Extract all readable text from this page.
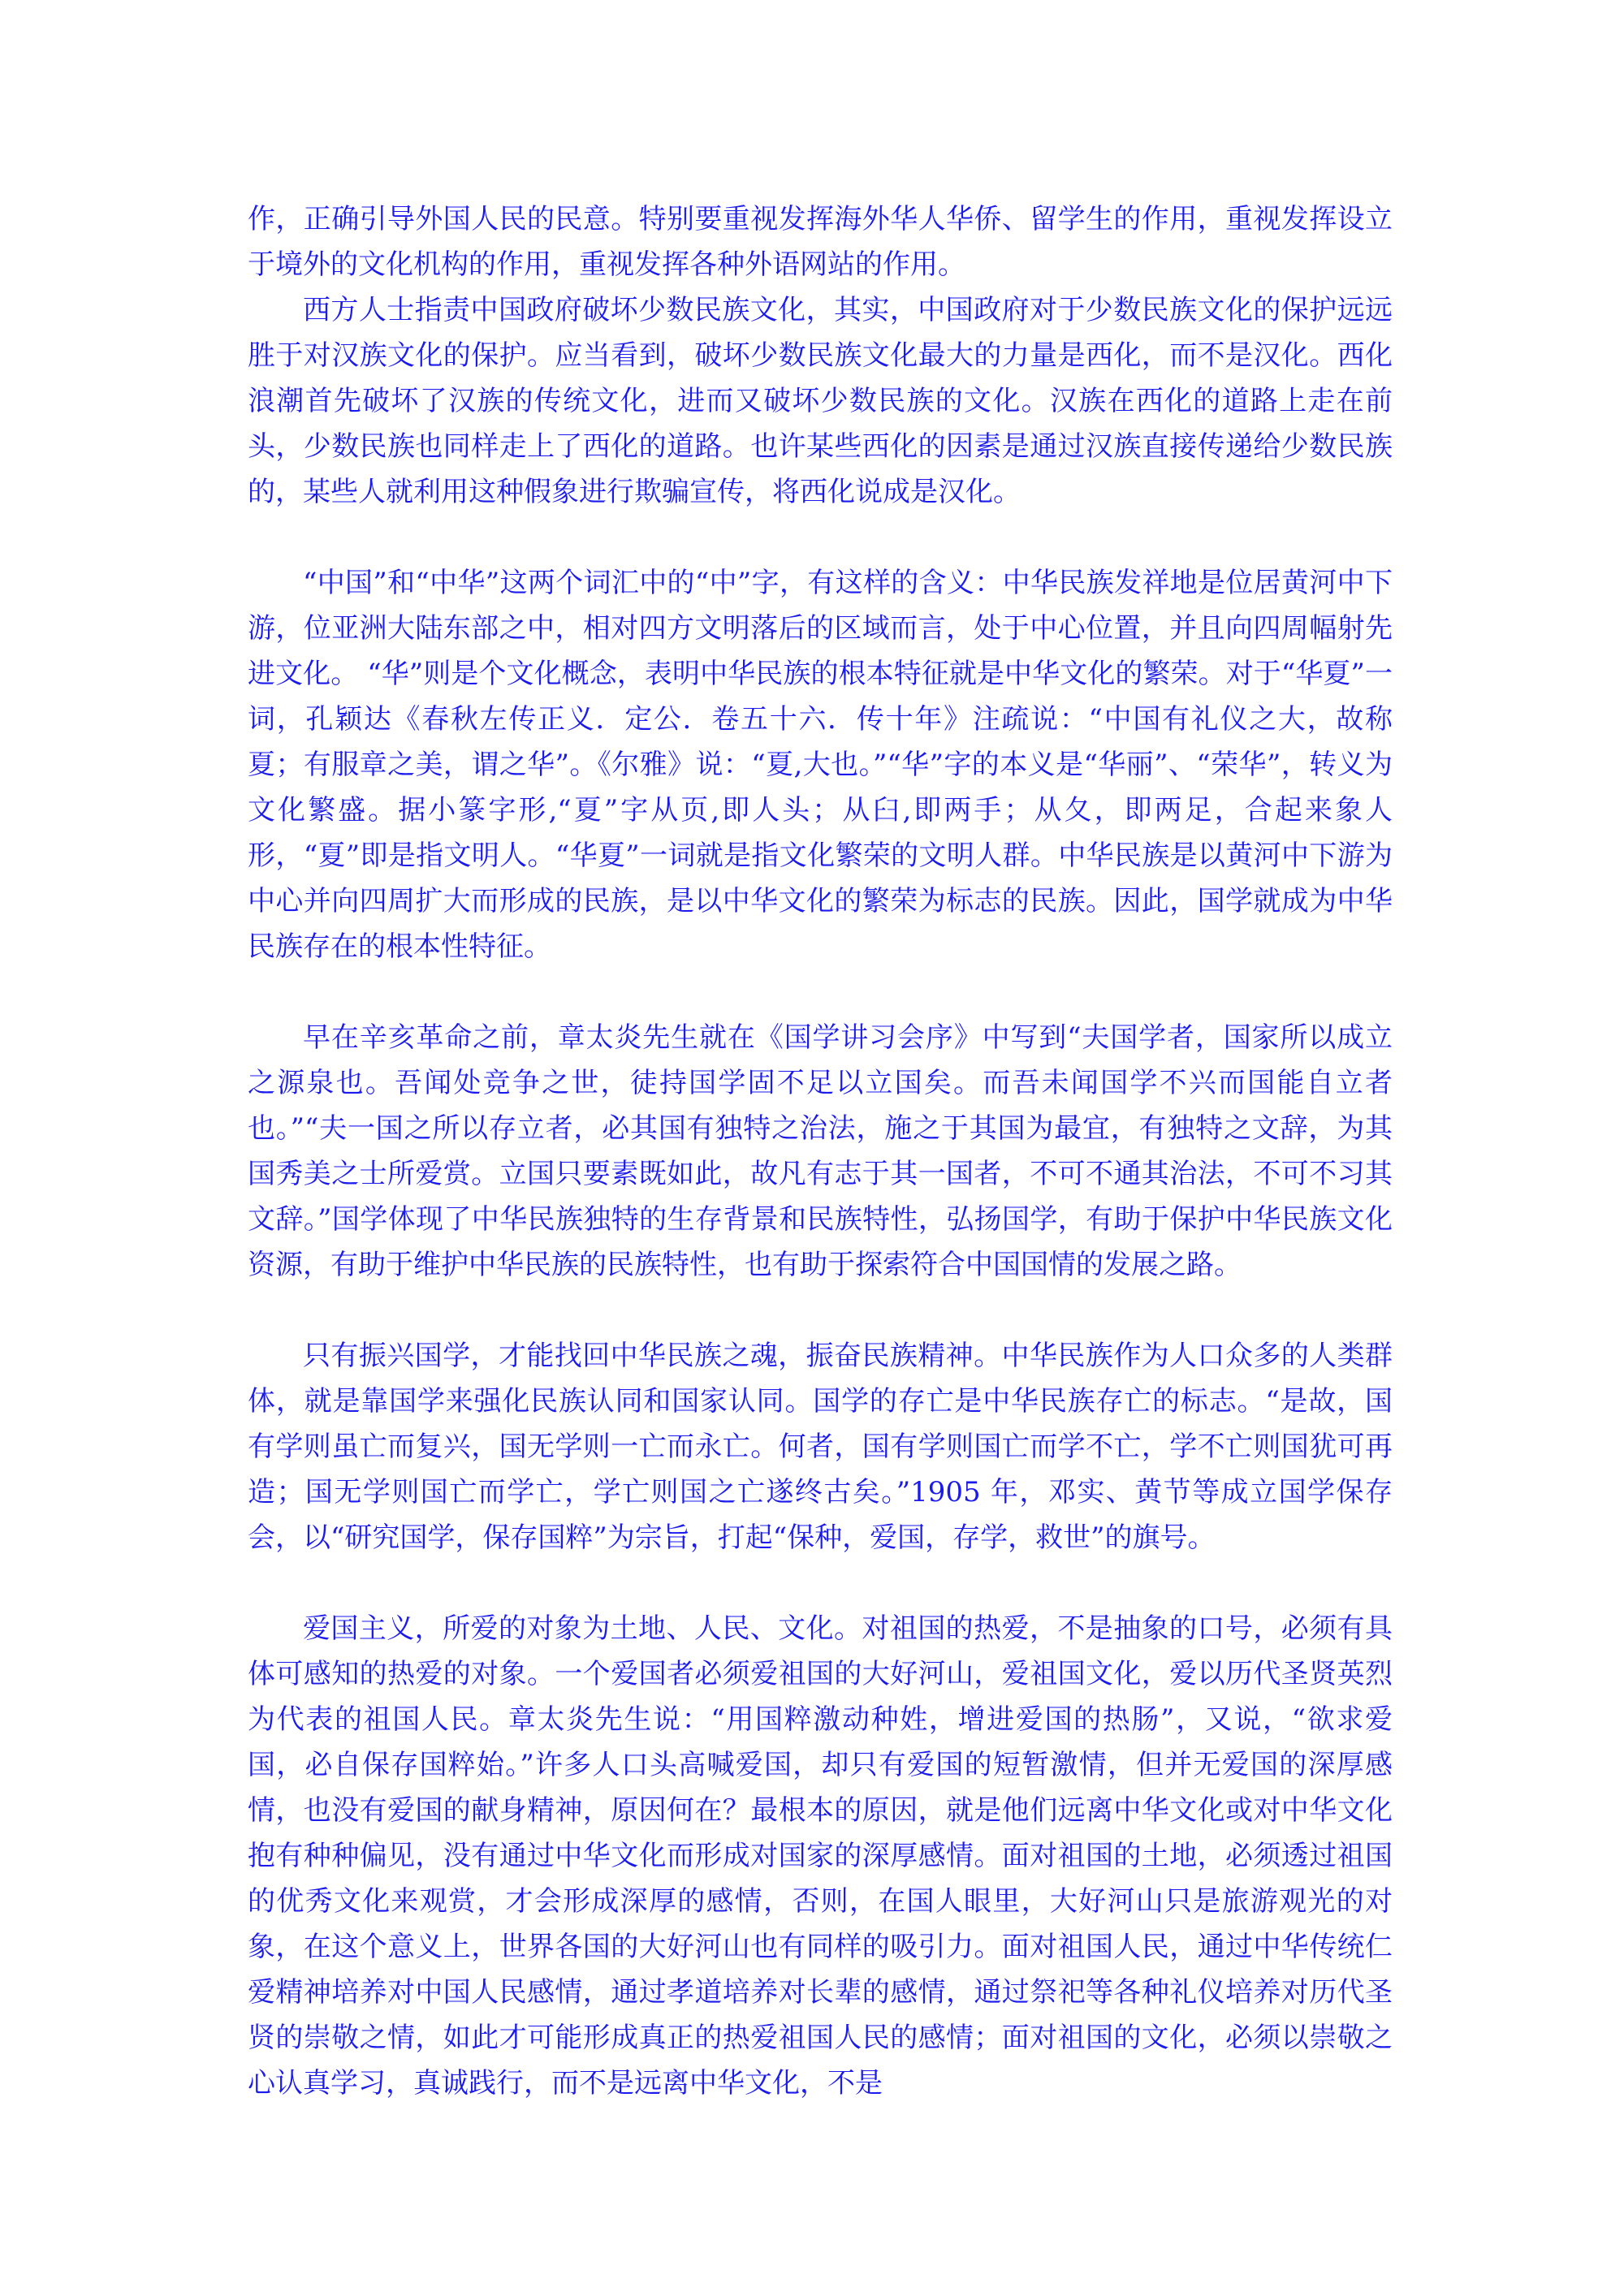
作，正确引导外国人民的民意。特别要重视发挥海外华人华侨、留学生的作用，重视发挥设立于境外的文化机构的作用，重视发挥各种外语网站的作用。

西方人士指责中国政府破坏少数民族文化，其实，中国政府对于少数民族文化的保护远远胜于对汉族文化的保护。应当看到，破坏少数民族文化最大的力量是西化，而不是汉化。西化浪潮首先破坏了汉族的传统文化，进而又破坏少数民族的文化。汉族在西化的道路上走在前头，少数民族也同样走上了西化的道路。也许某些西化的因素是通过汉族直接传递给少数民族的，某些人就利用这种假象进行欺骗宣传，将西化说成是汉化。

“中国”和“中华”这两个词汇中的“中”字，有这样的含义：中华民族发祥地是位居黄河中下游，位亚洲大陆东部之中，相对四方文明落后的区域而言，处于中心位置，并且向四周幅射先进文化。 “华”则是个文化概念，表明中华民族的根本特征就是中华文化的繁荣。对于“华夏”一词，孔颖达《春秋左传正义．定公．卷五十六．传十年》注疏说：“中国有礼仪之大，故称夏；有服章之美，谓之华”。《尔雅》说：“夏,大也。”“华”字的本义是“华丽”、“荣华”，转义为文化繁盛。据小篆字形,“夏”字从页,即人头；从臼,即两手；从夂，即两足，合起来象人形，“夏”即是指文明人。“华夏”一词就是指文化繁荣的文明人群。中华民族是以黄河中下游为中心并向四周扩大而形成的民族，是以中华文化的繁荣为标志的民族。因此，国学就成为中华民族存在的根本性特征。

早在辛亥革命之前，章太炎先生就在《国学讲习会序》中写到“夫国学者，国家所以成立之源泉也。吾闻处竞争之世，徒持国学固不足以立国矣。而吾未闻国学不兴而国能自立者也。”“夫一国之所以存立者，必其国有独特之治法，施之于其国为最宜，有独特之文辞，为其国秀美之士所爱赏。立国只要素既如此，故凡有志于其一国者，不可不通其治法，不可不习其文辞。”国学体现了中华民族独特的生存背景和民族特性，弘扬国学，有助于保护中华民族文化资源，有助于维护中华民族的民族特性，也有助于探索符合中国国情的发展之路。

只有振兴国学，才能找回中华民族之魂，振奋民族精神。中华民族作为人口众多的人类群体，就是靠国学来强化民族认同和国家认同。国学的存亡是中华民族存亡的标志。“是故，国有学则虽亡而复兴，国无学则一亡而永亡。何者，国有学则国亡而学不亡，学不亡则国犹可再造；国无学则国亡而学亡，学亡则国之亡遂终古矣。”1905 年，邓实、黄节等成立国学保存会，以“研究国学，保存国粹”为宗旨，打起“保种，爱国，存学，救世”的旗号。

爱国主义，所爱的对象为土地、人民、文化。对祖国的热爱，不是抽象的口号，必须有具体可感知的热爱的对象。一个爱国者必须爱祖国的大好河山，爱祖国文化，爱以历代圣贤英烈为代表的祖国人民。章太炎先生说：“用国粹激动种姓，增进爱国的热肠”，又说，“欲求爱国，必自保存国粹始。”许多人口头高喊爱国，却只有爱国的短暂激情，但并无爱国的深厚感情，也没有爱国的献身精神，原因何在？最根本的原因，就是他们远离中华文化或对中华文化抱有种种偏见，没有通过中华文化而形成对国家的深厚感情。面对祖国的土地，必须透过祖国的优秀文化来观赏，才会形成深厚的感情，否则，在国人眼里，大好河山只是旅游观光的对象，在这个意义上，世界各国的大好河山也有同样的吸引力。面对祖国人民，通过中华传统仁爱精神培养对中国人民感情，通过孝道培养对长辈的感情，通过祭祀等各种礼仪培养对历代圣贤的崇敬之情，如此才可能形成真正的热爱祖国人民的感情；面对祖国的文化，必须以崇敬之心认真学习，真诚践行，而不是远离中华文化，不是
